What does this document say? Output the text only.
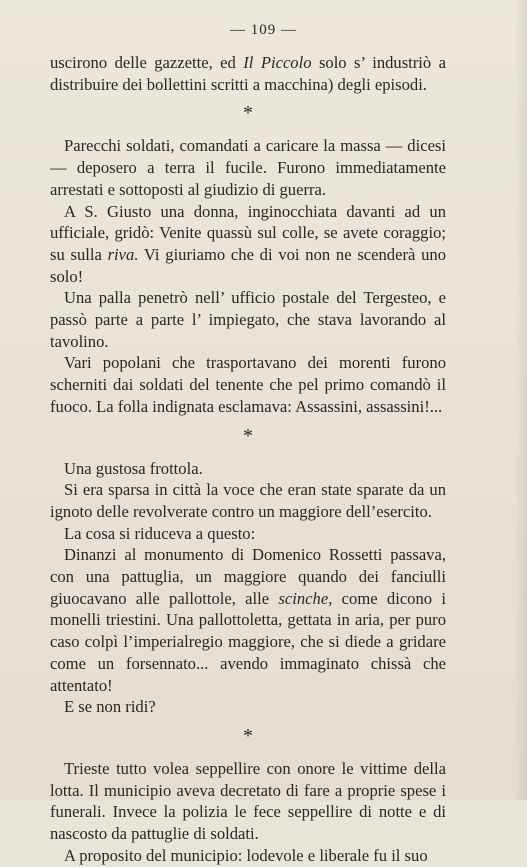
— 109 —

uscirono delle gazzette, ed Il Piccolo solo s’ industriò a distribuire dei bollettini scritti a macchina) degli episodi.

*

Parecchi soldati, comandati a caricare la massa — dicesi — deposero a terra il fucile. Furono immediatamente arrestati e sottoposti al giudizio di guerra.

A S. Giusto una donna, inginocchiata davanti ad un ufficiale, gridò: Venite quassù sul colle, se avete coraggio; su sulla riva. Vi giuriamo che di voi non ne scenderà uno solo!

Una palla penetrò nell’ ufficio postale del Tergesteo, e passò parte a parte l’ impiegato, che stava lavorando al tavolino.

Vari popolani che trasportavano dei morenti furono scherniti dai soldati del tenente che pel primo comandò il fuoco. La folla indignata esclamava: Assassini, assassini!...

*

Una gustosa frottola.

Si era sparsa in città la voce che eran state sparate da un ignoto delle revolverate contro un maggiore dell’esercito.

La cosa si riduceva a questo:

Dinanzi al monumento di Domenico Rossetti passava, con una pattuglia, un maggiore quando dei fanciulli giuocavano alle pallottole, alle scinche, come dicono i monelli triestini. Una pallottoletta, gettata in aria, per puro caso colpì l’imperialregio maggiore, che si diede a gridare come un forsennato... avendo immaginato chissà che attentato!

E se non ridi?

*

Trieste tutto volea seppellire con onore le vittime della lotta. Il municipio aveva decretato di fare a proprie spese i funerali. Invece la polizia le fece seppellire di notte e di nascosto da pattuglie di soldati.

A proposito del municipio: lodevole e liberale fu il suo
